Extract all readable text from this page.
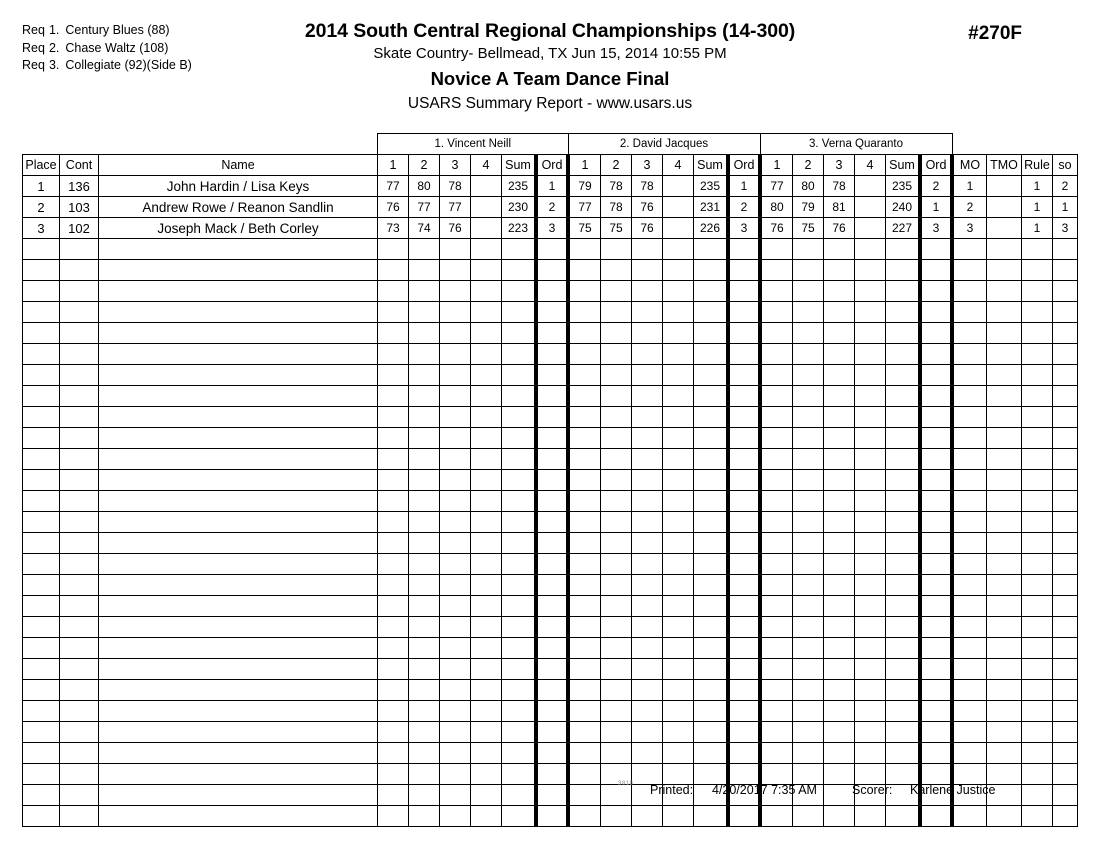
Req 1. Century Blues (88)
Req 2. Chase Waltz (108)
Req 3. Collegiate (92)(Side B)
2014 South Central Regional Championships (14-300)
Skate Country- Bellmead, TX Jun 15, 2014 10:55 PM
Novice A Team Dance Final
USARS Summary Report - www.usars.us
#270F
			1. Vincent Neill						2. David Jacques						3. Verna Quaranto									
Place	Cont	Name	1	2	3	4	Sum	Ord	1	2	3	4	Sum	Ord	1	2	3	4	Sum	Ord	MO	TMO	Rule	so
1	136	John Hardin / Lisa Keys	77	80	78		235	1	79	78	78		235	1	77	80	78		235	2	1		1	2
2	103	Andrew Rowe / Reanon Sandlin	76	77	77		230	2	77	78	76		231	2	80	79	81		240	1	2		1	1
3	102	Joseph Mack / Beth Corley	73	74	76		223	3	75	75	76		226	3	76	75	76		227	3	3		1	3

3818 Printed: 4/20/2017 7:35 AM	Scorer: Karlene Justice
